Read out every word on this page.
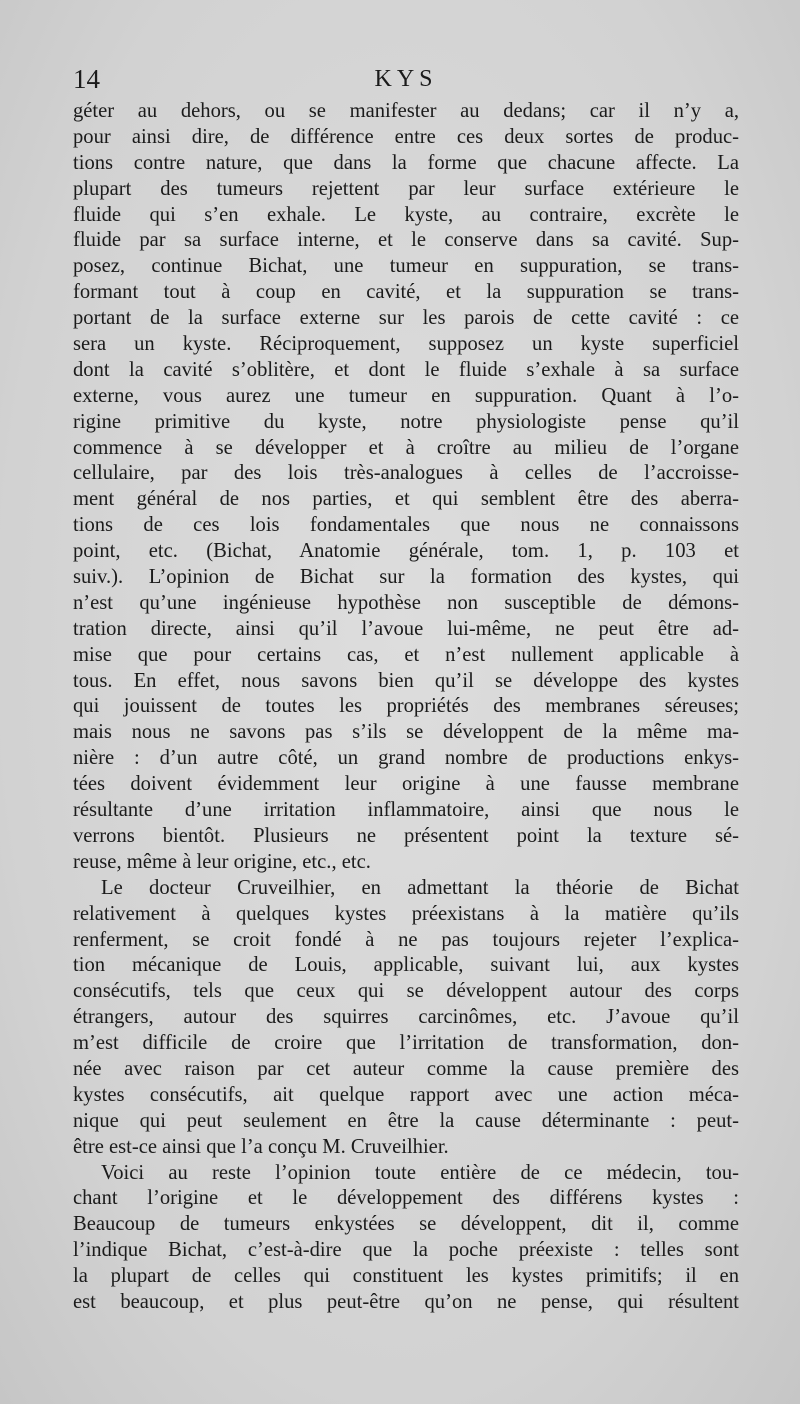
14	KYS
géter au dehors, ou se manifester au dedans; car il n’y a,
pour ainsi dire, de différence entre ces deux sortes de produc-
tions contre nature, que dans la forme que chacune affecte. La
plupart des tumeurs rejettent par leur surface extérieure le
fluide qui s’en exhale. Le kyste, au contraire, excrète le
fluide par sa surface interne, et le conserve dans sa cavité. Sup-
posez, continue Bichat, une tumeur en suppuration, se trans-
formant tout à coup en cavité, et la suppuration se trans-
portant de la surface externe sur les parois de cette cavité : ce
sera un kyste. Réciproquement, supposez un kyste superficiel
dont la cavité s’oblitère, et dont le fluide s’exhale à sa surface
externe, vous aurez une tumeur en suppuration. Quant à l’o-
rigine primitive du kyste, notre physiologiste pense qu’il
commence à se développer et à croître au milieu de l’organe
cellulaire, par des lois très-analogues à celles de l’accroisse-
ment général de nos parties, et qui semblent être des aberra-
tions de ces lois fondamentales que nous ne connaissons
point, etc. (Bichat, Anatomie générale, tom. 1, p. 103 et
suiv.). L’opinion de Bichat sur la formation des kystes, qui
n’est qu’une ingénieuse hypothèse non susceptible de démons-
tration directe, ainsi qu’il l’avoue lui-même, ne peut être ad-
mise que pour certains cas, et n’est nullement applicable à
tous. En effet, nous savons bien qu’il se développe des kystes
qui jouissent de toutes les propriétés des membranes séreuses;
mais nous ne savons pas s’ils se développent de la même ma-
nière : d’un autre côté, un grand nombre de productions enkys-
tées doivent évidemment leur origine à une fausse membrane
résultante d’une irritation inflammatoire, ainsi que nous le
verrons bientôt. Plusieurs ne présentent point la texture sé-
reuse, même à leur origine, etc., etc.
Le docteur Cruveilhier, en admettant la théorie de Bichat
relativement à quelques kystes préexistans à la matière qu’ils
renferment, se croit fondé à ne pas toujours rejeter l’explica-
tion mécanique de Louis, applicable, suivant lui, aux kystes
consécutifs, tels que ceux qui se développent autour des corps
étrangers, autour des squirres carcinômes, etc. J’avoue qu’il
m’est difficile de croire que l’irritation de transformation, don-
née avec raison par cet auteur comme la cause première des
kystes consécutifs, ait quelque rapport avec une action méca-
nique qui peut seulement en être la cause déterminante : peut-
être est-ce ainsi que l’a conçu M. Cruveilhier.
Voici au reste l’opinion toute entière de ce médecin, tou-
chant l’origine et le développement des différens kystes :
Beaucoup de tumeurs enkystées se développent, dit il, comme
l’indique Bichat, c’est-à-dire que la poche préexiste : telles sont
la plupart de celles qui constituent les kystes primitifs; il en
est beaucoup, et plus peut-être qu’on ne pense, qui résultent
